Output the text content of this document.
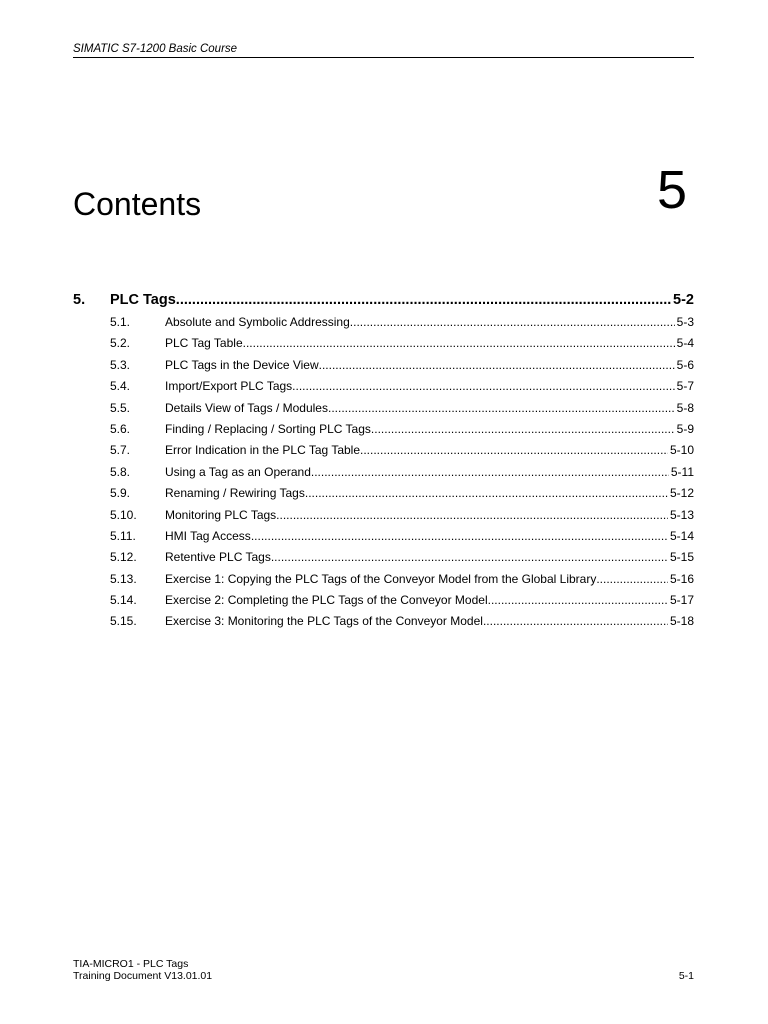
SIMATIC S7-1200 Basic Course
Contents	5
5. PLC Tags .....	5-2
5.1.	Absolute and Symbolic Addressing .....	5-3
5.2.	PLC Tag Table .....	5-4
5.3.	PLC Tags in the Device View .....	5-6
5.4.	Import/Export PLC Tags .....	5-7
5.5.	Details View of Tags / Modules .....	5-8
5.6.	Finding / Replacing / Sorting PLC Tags .....	5-9
5.7.	Error Indication in the PLC Tag Table .....	5-10
5.8.	Using a Tag as an Operand .....	5-11
5.9.	Renaming / Rewiring Tags .....	5-12
5.10. Monitoring PLC Tags .....	5-13
5.11. HMI Tag Access .....	5-14
5.12. Retentive PLC Tags .....	5-15
5.13. Exercise 1: Copying the PLC Tags of the Conveyor Model from the Global Library .....	5-16
5.14. Exercise 2: Completing the PLC Tags of the Conveyor Model .....	5-17
5.15. Exercise 3: Monitoring the PLC Tags of the Conveyor Model .....	5-18
TIA-MICRO1 - PLC Tags
Training Document V13.01.01	5-1
